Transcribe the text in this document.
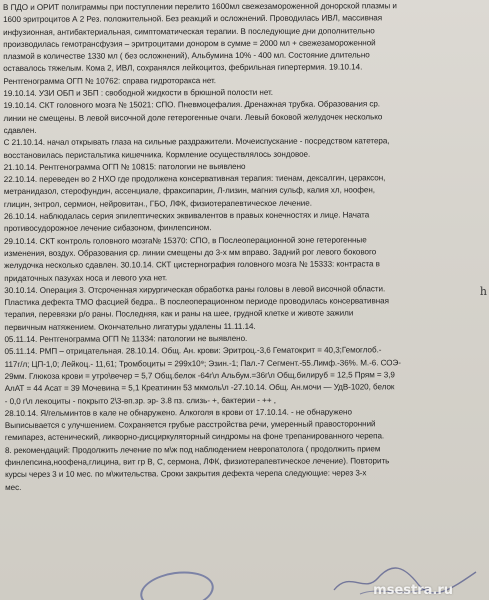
В ПДО и ОРИТ полиграммы при поступлении перелито 1600мл свежезамороженной донорской плазмы и
1600 эритроцитов А 2 Рез. положительной. Без реакций и осложнений. Проводилась ИВЛ, массивная
инфузионная, антибактериальная, симптоматическая терапии. В последующие дни дополнительно
производилась гемотрансфузия – эритроцитами донором в сумме = 2000 мл + свежезамороженной
плазмой в количестве 1330 мл ( без осложнений), Альбумина 10% - 400 мл. Состояние длительно
оставалось тяжелым. Кома 2, ИВЛ, сохранялся лейкоцитоз, фебрильная гипертермия. 19.10.14.
Рентгенограмма ОГП № 10762: справа гидроторакса нет.
19.10.14. УЗИ ОБП и ЗБП : свободной жидкости в брюшной полости нет.
19.10.14. СКТ головного мозга № 15021: СПО. Пневмоцефалия. Дренажная трубка. Образования ср.
линии не смещены. В левой височной доле гетерогенные очаги. Левый боковой желудочек несколько
сдавлен.
С 21.10.14. начал открывать глаза на сильные раздражители. Мочеиспускание - посредством катетера,
восстановилась перистальтика кишечника. Кормление осуществлялось зондовое.
21.10.14. Рентгенограмма ОГП № 10815: патологии не выявлено
22.10.14. переведен во 2 НХО где продолжена консервативная терапия: тиенам, дексалгин, цераксон,
метранидазол, стерофундин, ассенциале, фраксипарин, Л-лизин, магния сульф, калия хл, ноофен,
глицин, энтрол, сермион, нейровитан., ГБО, ЛФК, физиотерапевтическое лечение.
26.10.14. наблюдалась серия эпилептических эквивалентов в правых конечностях и лице. Начата
противосудорожное лечение сибазоном, финлепсином.
29.10.14. СКТ контроль головного мозга№ 15370: СПО, в Послеоперационной зоне гетерогенные
изменения, воздух. Образования ср. линии смещены до 3-х мм вправо. Задний рог левого бокового
желудочка несколько сдавлен. 30.10.14. СКТ цистернография головного мозга № 15333: контраста в
придаточных пазухах носа и левого уха нет.
30.10.14. Операция 3. Отсроченная хирургическая обработка раны головы в левой височной области.
Пластика дефекта ТМО фасцией бедра.. В послеоперационном периоде проводилась консервативная
терапия, перевязки р/о раны. Последняя, как и раны на шее, грудной клетке и животе зажили
первичным натяжением. Окончательно лигатуры удалены 11.11.14.
05.11.14. Рентгенограмма ОГП № 11334: патологии не выявлено.
05.11.14. РМП – отрицательная. 28.10.14. Общ. Ан. крови: Эритроц.-3,6 Гематокрит = 40,3;Гемоглоб.-
117г/л; ЦП-1,0; Лейкоц.- 11,61; Тромбоциты = 299х10⁹; Эзин.-1; Пал.-7 Сегмент.-55.Лимф.-36%. М.-6. СОЭ-
29мм. Глюкоза крови = утро\вечер = 5,7 Общ.белок -64г\л Альбум.=36г\л Общ.билируб = 12,5 Прям = 3,9
АлАТ = 44 Асат = 39 Мочевина = 5,1 Креатинин 53 мкмоль\л -27.10.14. Общ. Ан.мочи — УдВ-1020, белок
- 0,0 г\л лекоциты - покрыто 2\3-вп.зр. эр- 3.8 пз. слизь- +, бактерии - ++ ,
28.10.14. Я/гельминтов в кале не обнаружено. Алкоголя в крови от 17.10.14. - не обнаружено
Выписывается с улучшением. Сохраняется грубые расстройства речи, умеренный правосторонний
гемипарез, астенический, ликворно-дисциркуляторный синдромы на фоне трепанированного черепа.
8. рекомендаций: Продолжить лечение по м\ж под наблюдением невропатолога ( продолжить прием
финлепсина,ноофена,глицина, вит гр В, С, сермона, ЛФК, физиотерапевтическое лечение). Повторить
курсы через 3 и 10 мес. по м\жительства. Сроки закрытия дефекта черепа следующие: через 3-х
мес.
h
msestra.ru
